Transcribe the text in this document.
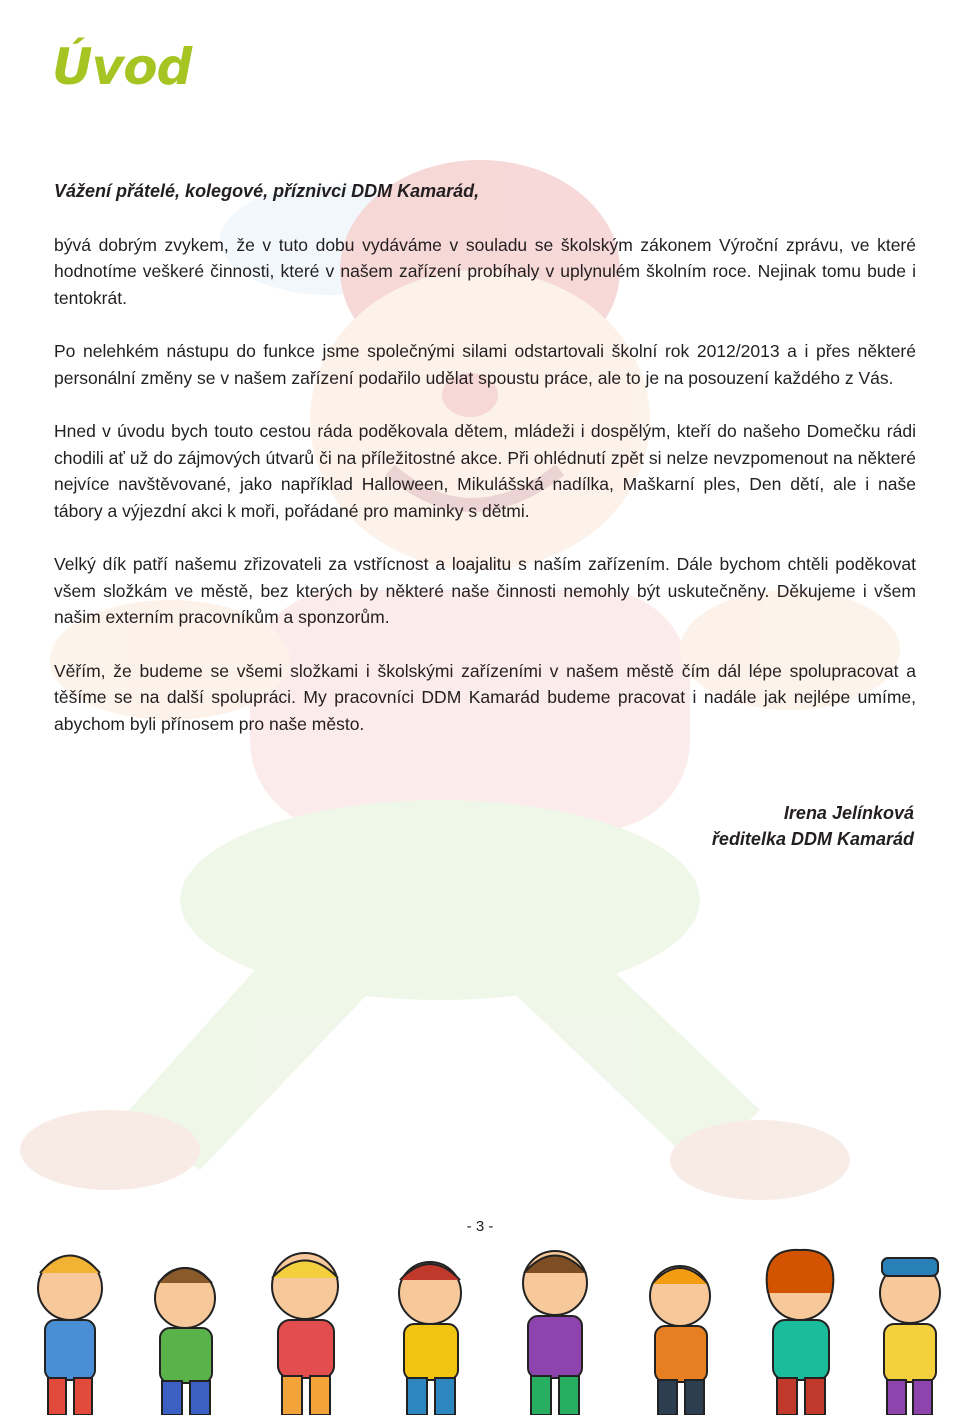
Úvod

Vážení přátelé, kolegové, příznivci DDM Kamarád,

bývá dobrým zvykem, že v tuto dobu vydáváme v souladu se školským zákonem Výroční zprávu, ve které hodnotíme veškeré činnosti, které v našem zařízení probíhaly v uplynulém školním roce. Nejinak tomu bude i tentokrát.

Po nelehkém nástupu do funkce jsme společnými silami odstartovali školní rok 2012/2013 a i přes některé personální změny se v našem zařízení podařilo udělat spoustu práce, ale to je na posouzení každého z Vás.

Hned v úvodu bych touto cestou ráda poděkovala dětem, mládeži i dospělým, kteří do našeho Domečku rádi chodili ať už do zájmových útvarů či na příležitostné akce. Při ohlédnutí zpět si nelze nevzpomenout na některé nejvíce navštěvované, jako například Halloween, Mikulášská nadílka, Maškarní ples, Den dětí, ale i naše tábory a výjezdní akci k moři, pořádané pro maminky s dětmi.

Velký dík patří našemu zřizovateli za vstřícnost a loajalitu s naším zařízením. Dále bychom chtěli poděkovat všem složkám ve městě, bez kterých by některé naše činnosti nemohly být uskutečněny. Děkujeme i všem našim externím pracovníkům a sponzorům.

Věřím, že budeme se všemi složkami i školskými zařízeními v našem městě čím dál lépe spolupracovat a těšíme se na další spolupráci. My pracovníci DDM Kamarád budeme pracovat i nadále jak nejlépe umíme, abychom byli přínosem pro naše město.

Irena Jelínková
ředitelka DDM Kamarád
- 3 -
